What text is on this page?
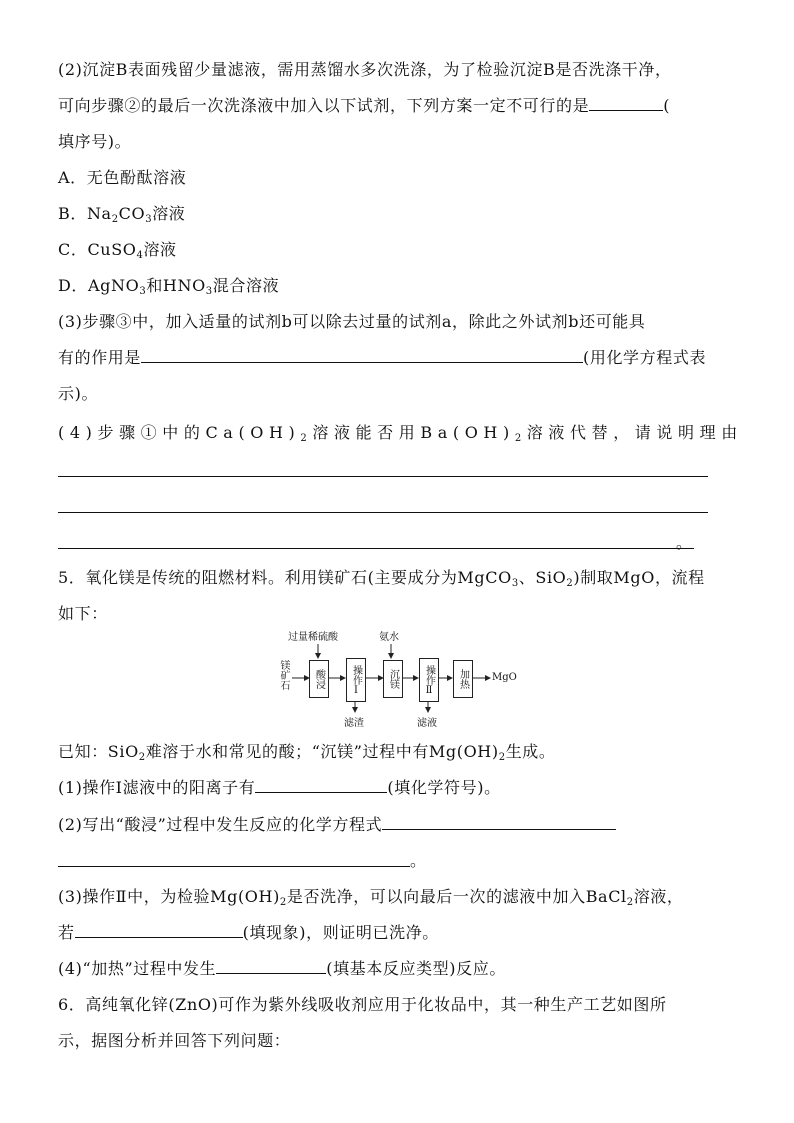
(2)沉淀B表面残留少量滤液，需用蒸馏水多次洗涤，为了检验沉淀B是否洗涤干净，
可向步骤②的最后一次洗涤液中加入以下试剂，下列方案一定不可行的是	(
填序号)。
A．无色酚酞溶液
B．$Na_2CO_3$溶液
C．CuSO$_4$溶液
D．AgNO$_3$和$HNO_3$混合溶液
(3)步骤③中，加入适量的试剂b可以除去过量的试剂a，除此之外试剂b还可能具
有的作用是	(用化学方程式表
示)。
(4)步骤①中的$Ca(OH)_2$溶液能否用$Ba(OH)_2$溶液代替，请说明理由
。
5．氧化镁是传统的阻燃材料。利用镁矿石(主要成分为MgCO$_3$、SiO$_2$)制取MgO，流程
如下：
过量稀硫酸	氨水
镁矿石 酸浸	操作Ⅰ	沉镁	操作Ⅱ 加热 MgO
滤渣	滤液
已知：SiO$_2$难溶于水和常见的酸；“沉镁”过程中有$Mg(OH)_2$生成。
(1)操作Ⅰ滤液中的阳离子有	(填化学符号)。
(2)写出“酸浸”过程中发生反应的化学方程式
。
(3)操作Ⅱ中，为检验$Mg(OH)_2$是否洗净，可以向最后一次的滤液中加入BaCl$_2$溶液，
若	(填现象)，则证明已洗净。
(4)“加热”过程中发生	(填基本反应类型)反应。
6．高纯氧化锌(ZnO)可作为紫外线吸收剂应用于化妆品中，其一种生产工艺如图所
示，据图分析并回答下列问题：
